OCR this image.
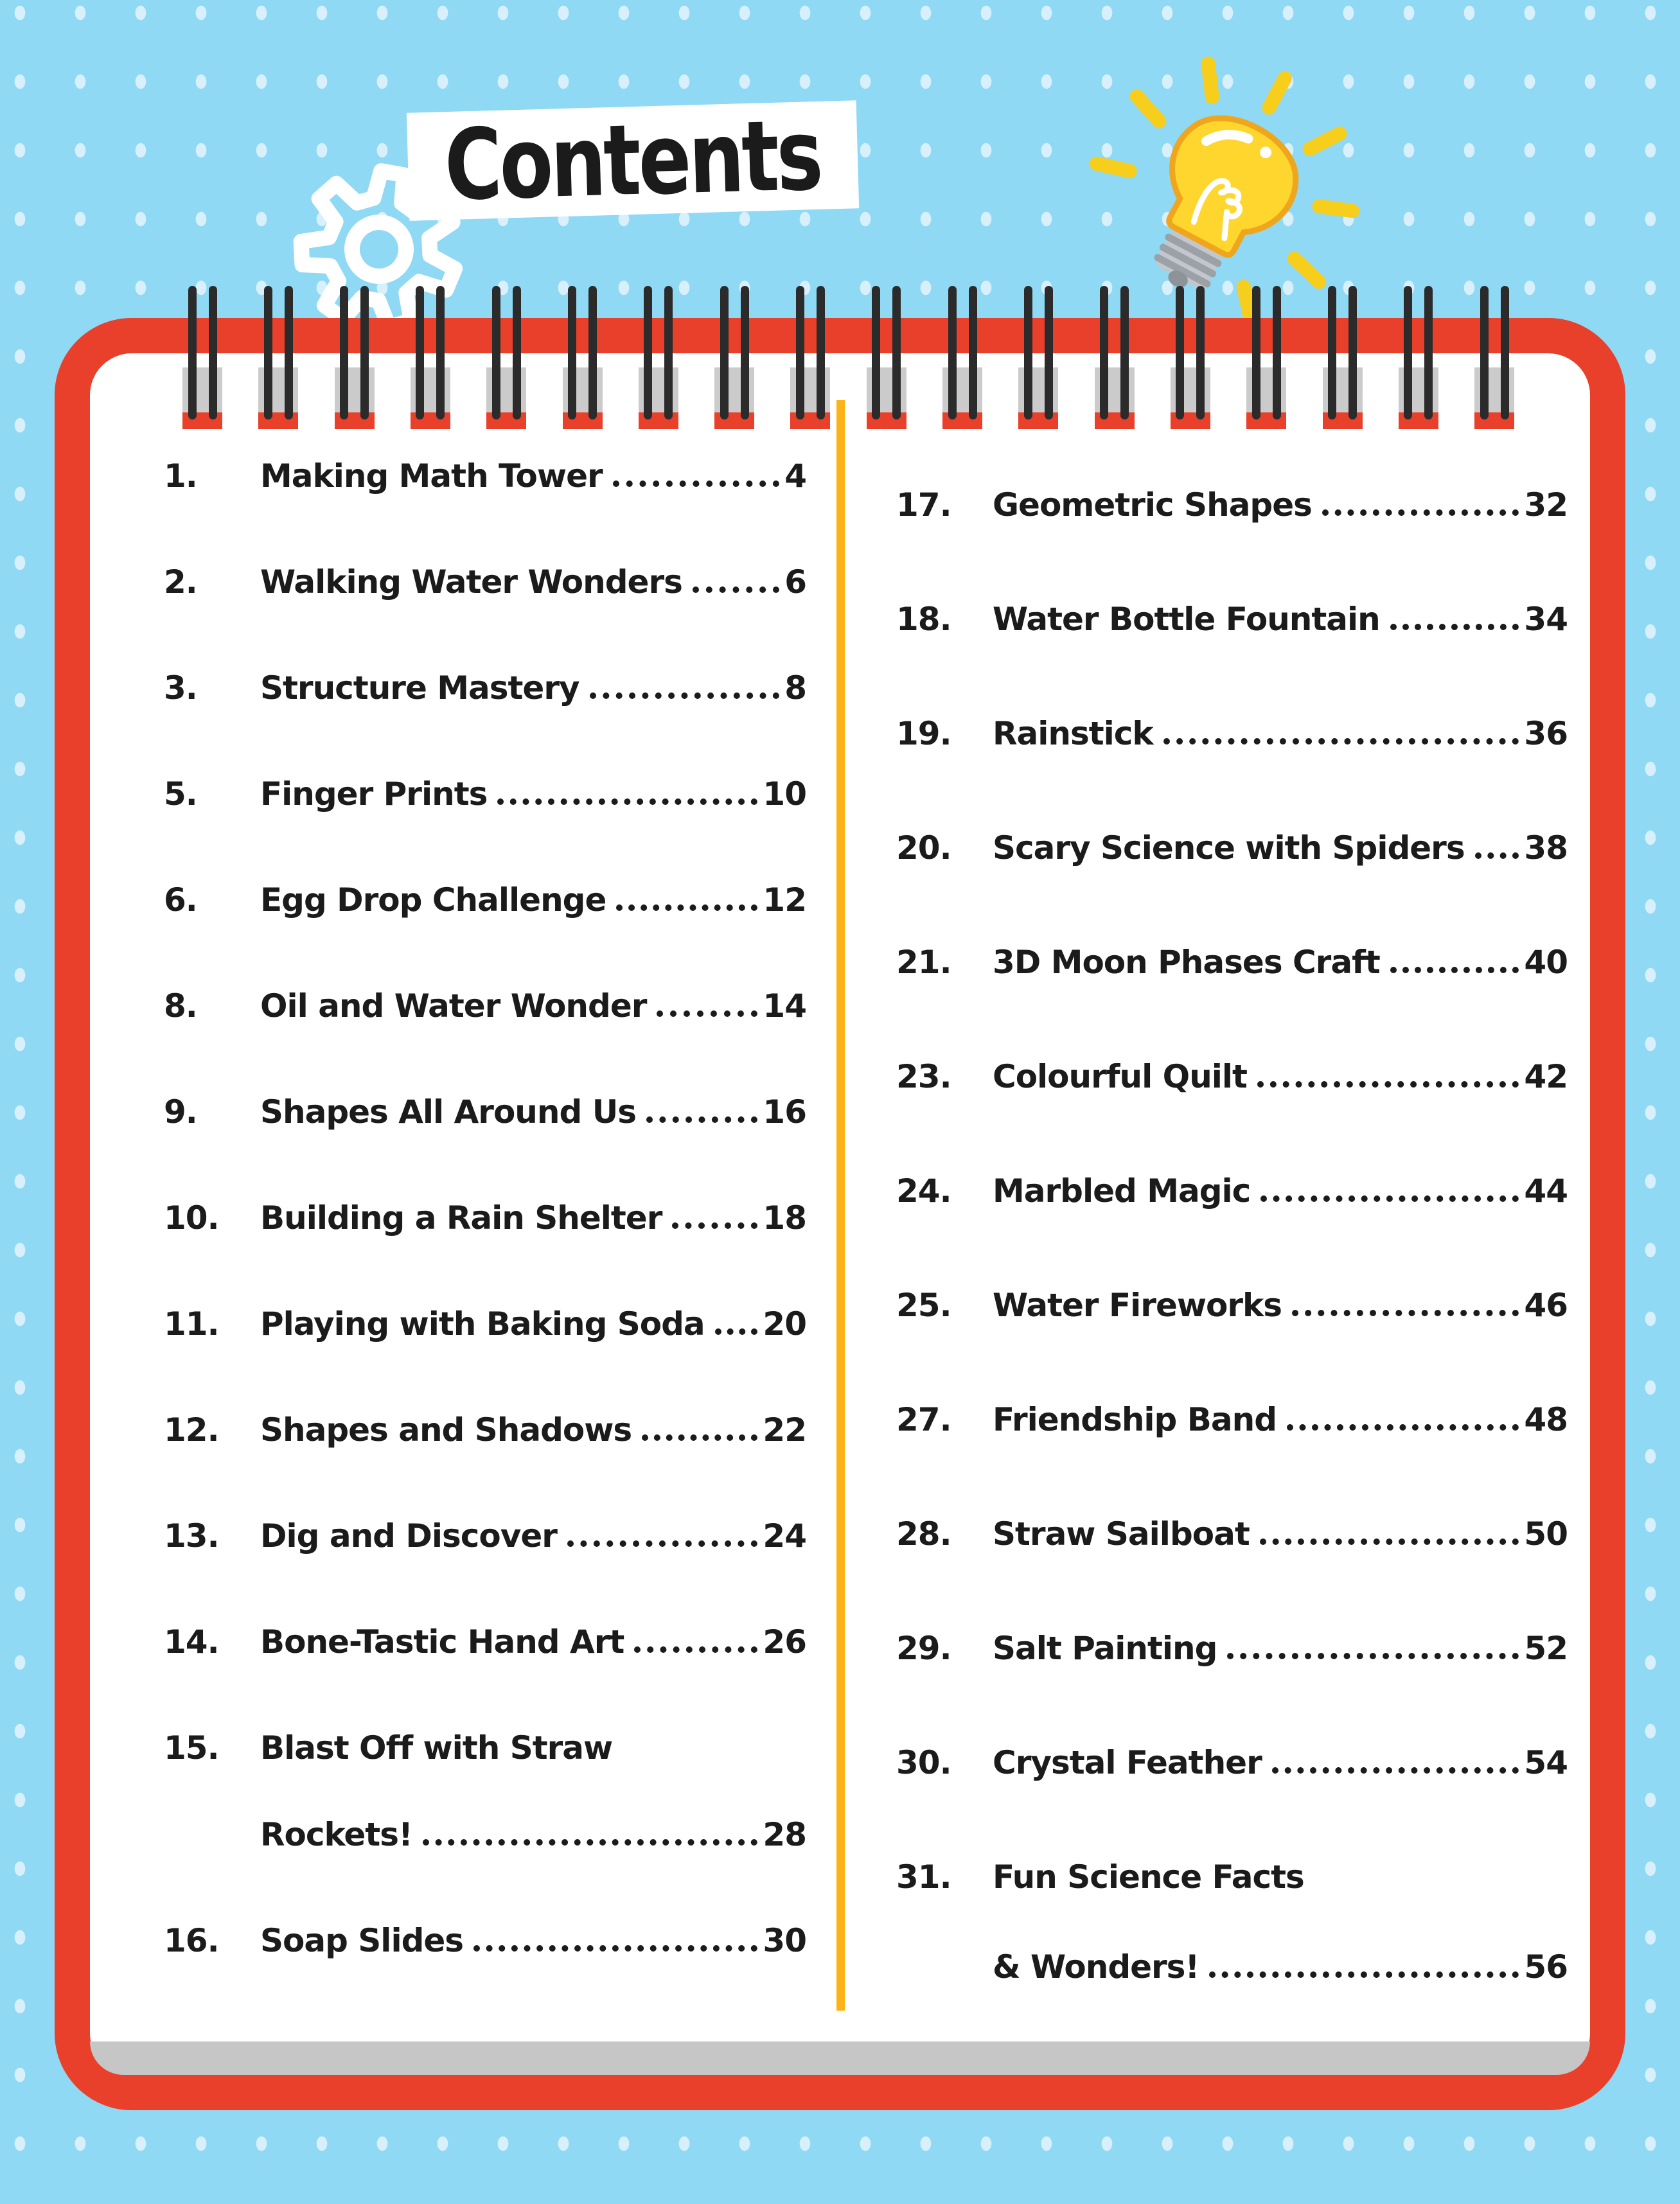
Contents
1.	Making Math Tower	4
2.	Walking Water Wonders	6
3.	Structure Mastery	8
5.	Finger Prints	10
6.	Egg Drop Challenge	12
8.	Oil and Water Wonder	14
9.	Shapes All Around Us	16
10.	Building a Rain Shelter	18
11.	Playing with Baking Soda 20
12.	Shapes and Shadows	22
13.	Dig and Discover	24
14.	Bone-Tastic Hand Art	26
15.	Blast Off with Straw
Rockets!	28
16.	Soap Slides	30
17.	Geometric Shapes	32
18.	Water Bottle Fountain	34
19.	Rainstick	36
20.	Scary Science with Spiders 38
21.	3D Moon Phases Craft	40
23.	Colourful Quilt	42
24.	Marbled Magic	44
25.	Water Fireworks	46
27.	Friendship Band	48
28.	Straw Sailboat	50
29.	Salt Painting	52
30.	Crystal Feather	54
31.	Fun Science Facts
& Wonders!	56
